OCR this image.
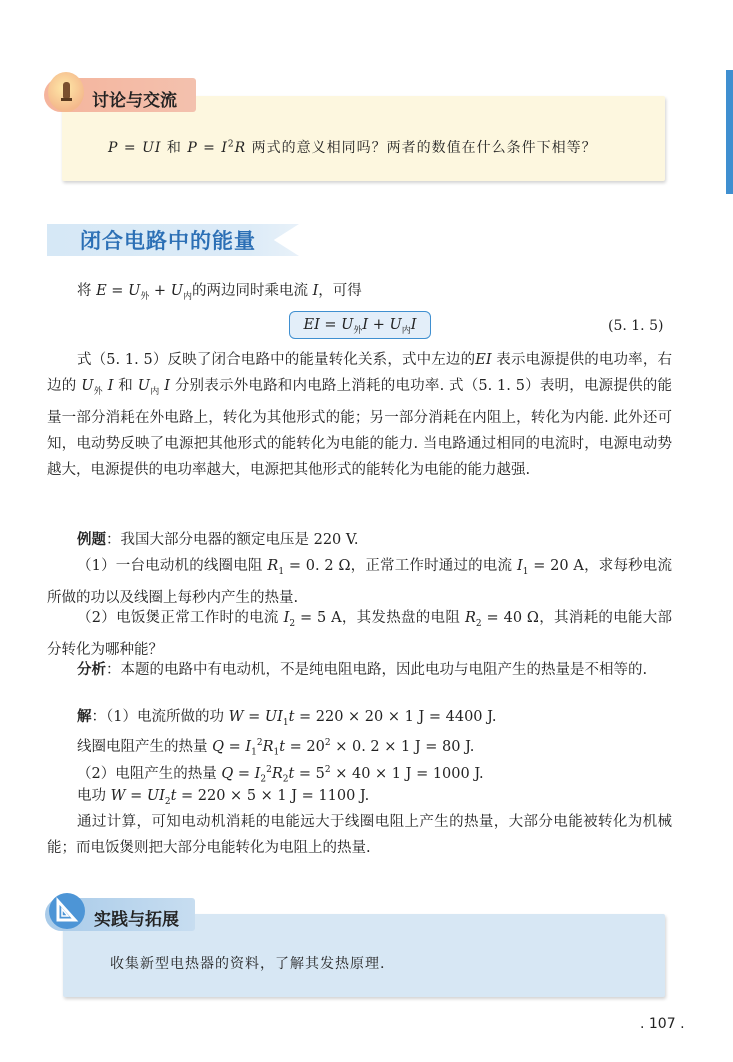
讨论与交流
P = UI 和 $P = I^2R$ 两式的意义相同吗？两者的数值在什么条件下相等？
闭合电路中的能量
将 $E = U_外 + U_内$的两边同时乘电流 I，可得
EI = $U_外I + U_内I$	(5. 1. 5)
式（5. 1. 5）反映了闭合电路中的能量转化关系，式中左边的EI 表示电源提供的电功率，右边的 $U_外$ I 和 $U_内$ I 分别表示外电路和内电路上消耗的电功率. 式（5. 1. 5）表明，电源提供的能量一部分消耗在外电路上，转化为其他形式的能；另一部分消耗在内阻上，转化为内能. 此外还可知，电动势反映了电源把其他形式的能转化为电能的能力. 当电路通过相同的电流时，电源电动势越大，电源提供的电功率越大，电源把其他形式的能转化为电能的能力越强.
例题：我国大部分电器的额定电压是 220 V.
（1）一台电动机的线圈电阻 $R_1 = 0$. 2 Ω，正常工作时通过的电流 $I_1 = 20$ A，求每秒电流所做的功以及线圈上每秒内产生的热量.
（2）电饭煲正常工作时的电流 $I_2 = 5$ A，其发热盘的电阻 $R_2 = 40$ Ω，其消耗的电能大部分转化为哪种能？
分析：本题的电路中有电动机，不是纯电阻电路，因此电功与电阻产生的热量是不相等的.
解：（1）电流所做的功 $W = UI_1t = 220 \times 20 \times 1$ J = 4400 J.
线圈电阻产生的热量 $Q = I_1^2R_1t = 20^2 \times 0$. 2 × 1 J = 80 J.
（2）电阻产生的热量 $Q = I_2^2R_2t = 5^2 \times 40 \times 1$ J = 1000 J.
电功 $W = UI_2t = 220 \times 5 \times 1$ J = 1100 J.
通过计算，可知电动机消耗的电能远大于线圈电阻上产生的热量，大部分电能被转化为机械能；而电饭煲则把大部分电能转化为电阻上的热量.
实践与拓展
收集新型电热器的资料，了解其发热原理.
. 107 .
